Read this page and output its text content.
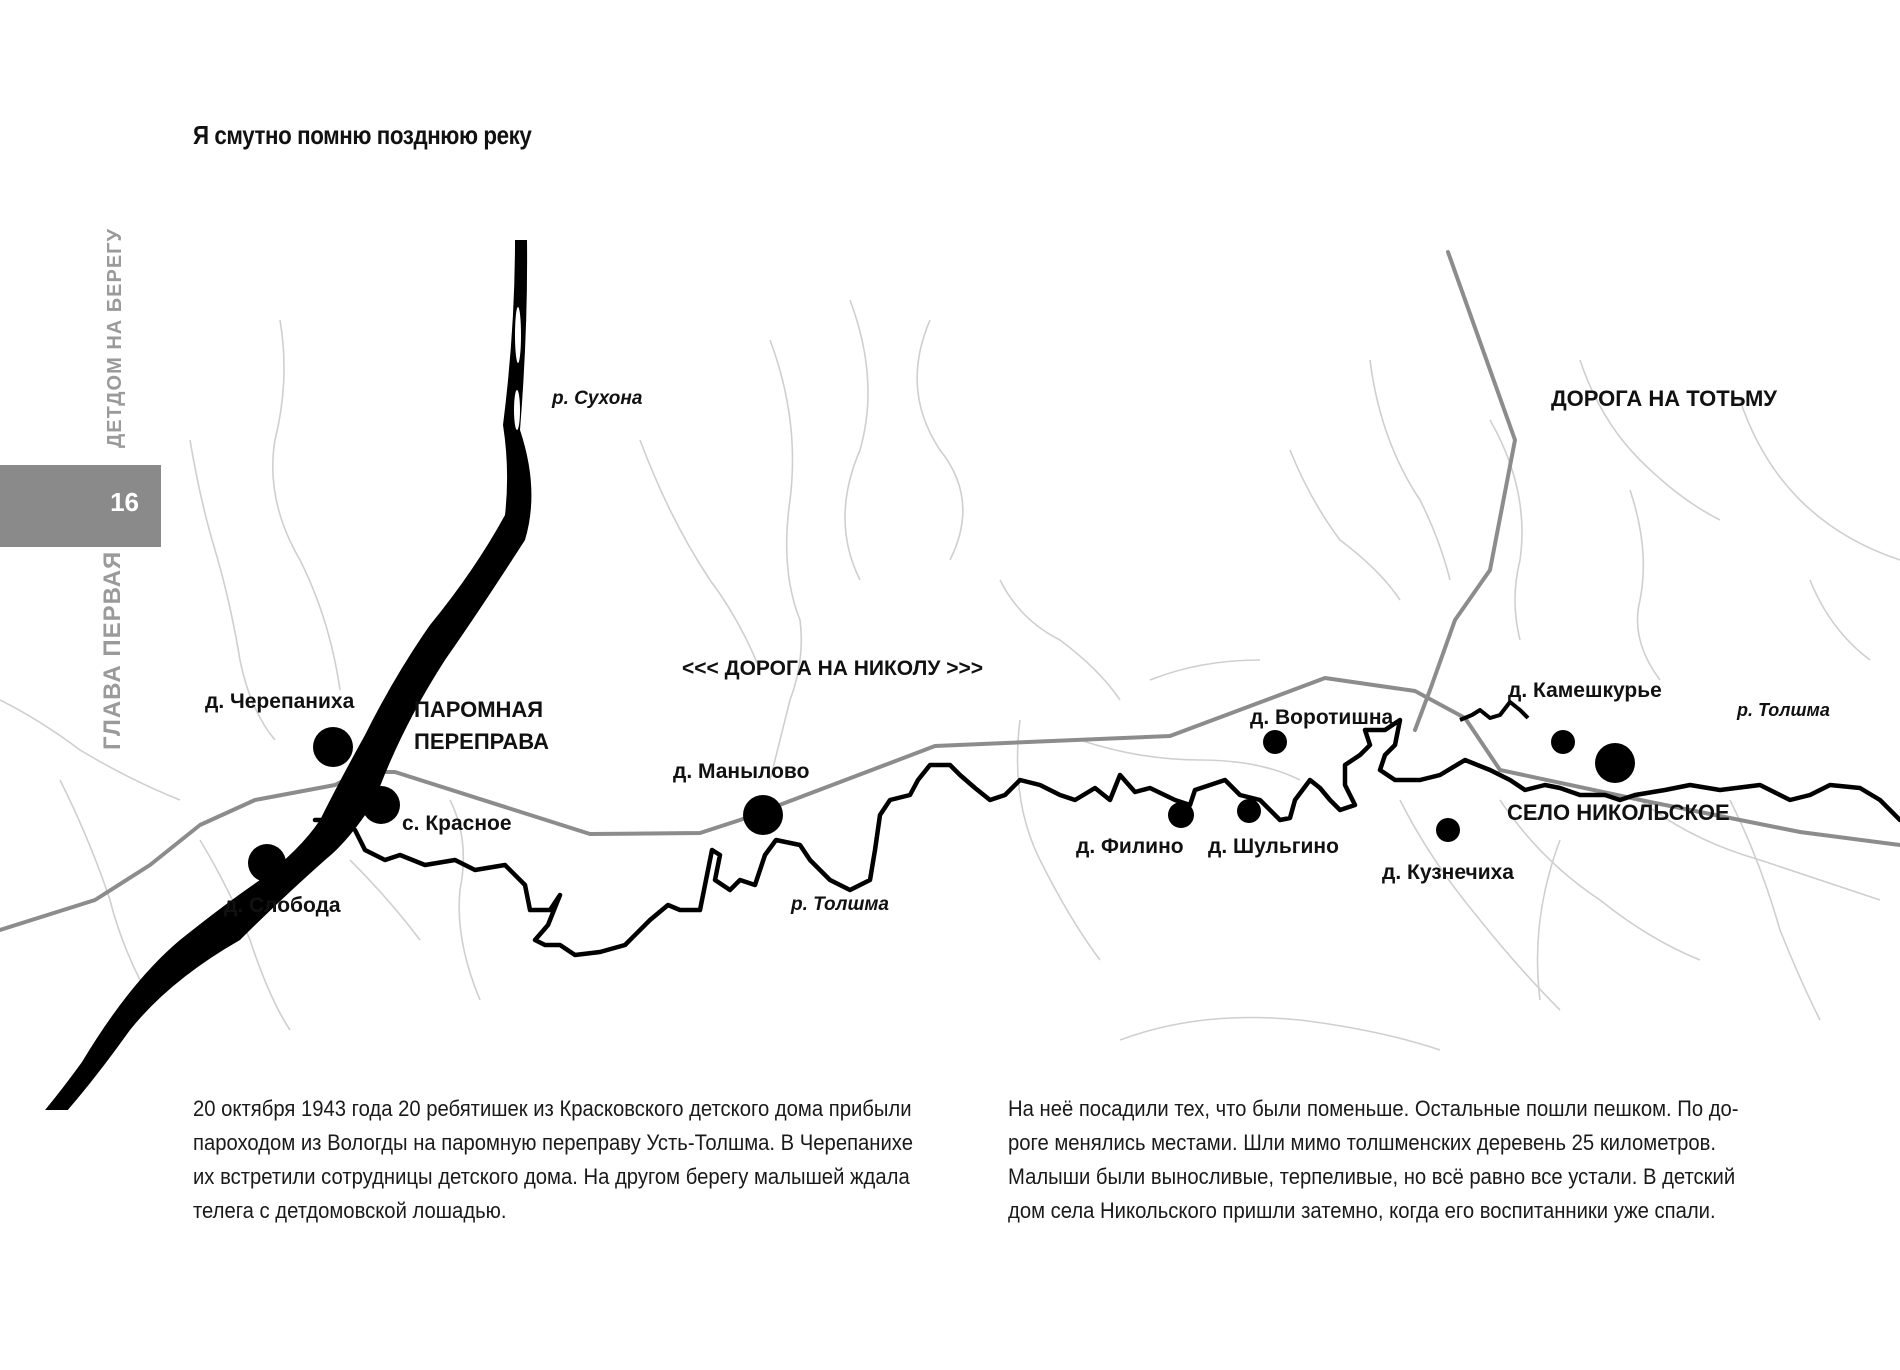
Я смутно помню позднюю реку
ДЕТДОМ НА БЕРЕГУ
16
ГЛАВА ПЕРВАЯ
р. Сухона	ДОРОГА НА ТОТЬМУ
<<< ДОРОГА НА НИКОЛУ >>>
д. Черепаниха	ПАРОМНАЯ
ПЕРЕПРАВА
с. Красное
д. Слобода
д. Манылово
р. Толшма
д. Филино д. Шульгино
д. Воротишна
д. Кузнечиха
СЕЛО НИКОЛЬСКОЕ
д. Камешкурье
р. Толшма
20 октября 1943 года 20 ребятишек из Красковского детского дома прибыли
пароходом из Вологды на паромную переправу Усть-Толшма. В Черепанихе
их встретили сотрудницы детского дома. На другом берегу малышей ждала
телега с детдомовской лошадью.
На неё посадили тех, что были поменьше. Остальные пошли пешком. По до-
роге менялись местами. Шли мимо толшменских деревень 25 километров.
Малыши были выносливые, терпеливые, но всё равно все устали. В детский
дом села Никольского пришли затемно, когда его воспитанники уже спали.
